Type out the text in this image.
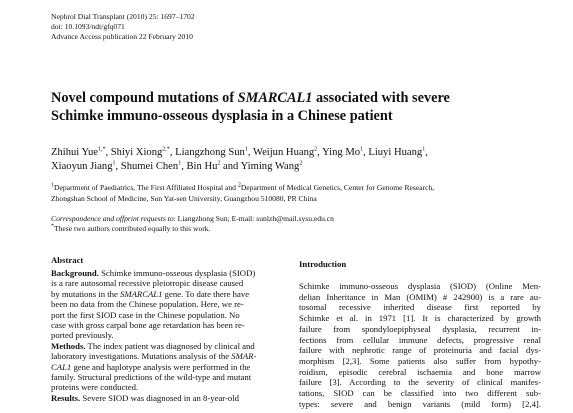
Nephrol Dial Transplant (2010) 25: 1697–1702
doi: 10.1093/ndt/gfq071
Advance Access publication 22 February 2010
Novel compound mutations of SMARCAL1 associated with severe
Schimke immuno-osseous dysplasia in a Chinese patient
Zhihui Yue$^{1,*}$, Shiyi Xiong$^{2,*}$, Liangzhong Sun$^1$, Weijun Huang$^2$, Ying Mo$^1$, Liuyi Huang$^1$,
Xiaoyun Jiang$^1$, Shumei Chen$^1$, Bin Hu$^2$ and Yiming Wang$^2$
$^1$Department of Paediatrics, The First Affiliated Hospital and $^2$Department of Medical Genetics, Center for Genome Research,
Zhongshan School of Medicine, Sun Yat-sen University, Guangzhou 510080, PR China
Correspondence and offprint requests to: Liangzhong Sun; E-mail: sunlzh@mail.sysu.edu.cn
*These two authors contributed equally to this work.
Abstract
Background. Schimke immuno-osseous dysplasia (SIOD)
is a rare autosomal recessive pleiotropic disease caused
by mutations in the SMARCAL1 gene. To date there have
been no data from the Chinese population. Here, we re-
port the first SIOD case in the Chinese population. No
case with gross carpal bone age retardation has been re-
ported previously.
Methods. The index patient was diagnosed by clinical and
laboratory investigations. Mutations analysis of the SMAR-
CAL1 gene and haplotype analysis were performed in the
family. Structural predictions of the wild-type and mutant
proteins were conducted.
Results. Severe SIOD was diagnosed in an 8-year-old
Introduction
Schimke immuno-osseous dysplasia (SIOD) (Online Men-
delian Inheritance in Man (OMIM) # 242900) is a rare au-
tosomal recessive inherited disease first reported by
Schimke et al. in 1971 [1]. It is characterized by growth
failure from spondyloepiphyseal dysplasia, recurrent in-
fections from cellular immune defects, progressive renal
failure with nephrotic range of proteinuria and facial dys-
morphism [2,3]. Some patients also suffer from hypothy-
roidism, episodic cerebral ischaemia and bone marrow
failure [3]. According to the severity of clinical manifes-
tations, SIOD can be classified into two different sub-
types: severe and benign variants (mild form) [2,4].
